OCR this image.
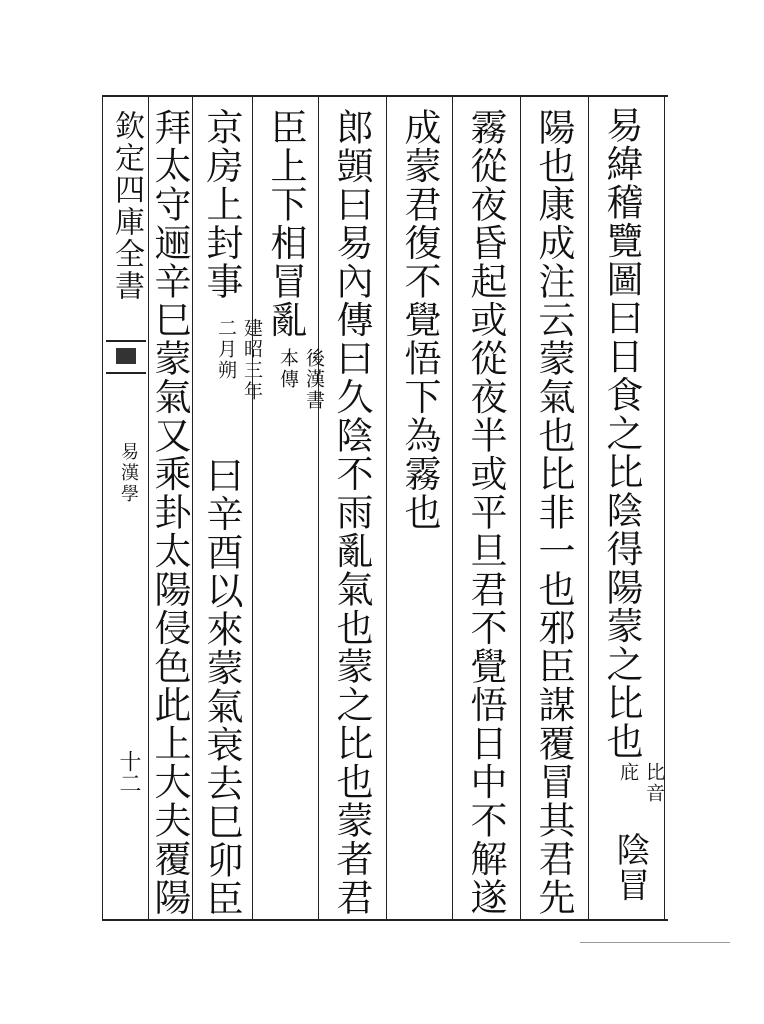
欽定四庫全書
易漢學
十二
易緯稽覽圖曰日食之比陰得陽蒙之比也
比音
庇
陰冒
陽也康成注云蒙氣也比非一也邪臣謀覆冒其君先
霧從夜昏起或從夜半或平旦君不覺悟日中不解遂
成蒙君復不覺悟下為霧也
郎顗曰易內傳曰久陰不雨亂氣也蒙之比也蒙者君
臣上下相冒亂
後漢書
本傳
京房上封事
建昭三年
二月朔
曰辛酉以來蒙氣衰去巳卯臣
拜太守逦辛巳蒙氣又乘卦太陽侵色此上大夫覆陽
